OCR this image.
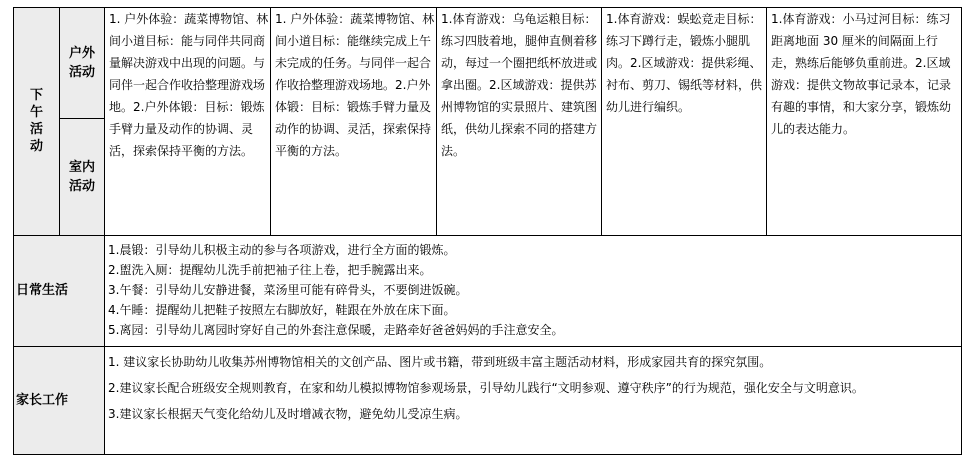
下午活动	户外活动	1. 户外体验：蔬菜博物馆、林间小道目标：能与同伴共同商量解决游戏中出现的问题。与同伴一起合作收拾整理游戏场地。2.户外体锻：目标：锻炼手臂力量及动作的协调、灵活，探索保持平衡的方法。	1. 户外体验：蔬菜博物馆、林间小道目标：能继续完成上午未完成的任务。与同伴一起合作收拾整理游戏场地。2.户外体锻：目标：锻炼手臂力量及动作的协调、灵活，探索保持平衡的方法。	1.体育游戏：乌龟运粮目标：练习四肢着地，腿伸直侧着移动，每过一个圈把纸杯放进或拿出圈。2.区域游戏：提供苏州博物馆的实景照片、建筑图纸，供幼儿探索不同的搭建方法。	1.体育游戏：蜈蚣竞走目标：练习下蹲行走，锻炼小腿肌肉。2.区域游戏：提供彩绳、衬布、剪刀、锡纸等材料，供幼儿进行编织。	1.体育游戏：小马过河目标：练习距离地面 30 厘米的间隔面上行走，熟练后能够负重前进。2.区域游戏：提供文物故事记录本，记录有趣的事情，和大家分享，锻炼幼儿的表达能力。
	室内活动					
日常生活		1.晨锻：引导幼儿积极主动的参与各项游戏，进行全方面的锻炼。
2.盥洗入厕：提醒幼儿洗手前把袖子往上卷，把手腕露出来。
3.午餐：引导幼儿安静进餐，菜汤里可能有碎骨头，不要倒进饭碗。
4.午睡：提醒幼儿把鞋子按照左右脚放好，鞋跟在外放在床下面。
5.离园：引导幼儿离园时穿好自己的外套注意保暖，走路牵好爸爸妈妈的手注意安全。				

家长工作		1. 建议家长协助幼儿收集苏州博物馆相关的文创产品、图片或书籍，带到班级丰富主题活动材料，形成家园共育的探究氛围。
2.建议家长配合班级安全规则教育，在家和幼儿模拟博物馆参观场景，引导幼儿践行“文明参观、遵守秩序”的行为规范，强化安全与文明意识。
3.建议家长根据天气变化给幼儿及时增减衣物，避免幼儿受凉生病。				
